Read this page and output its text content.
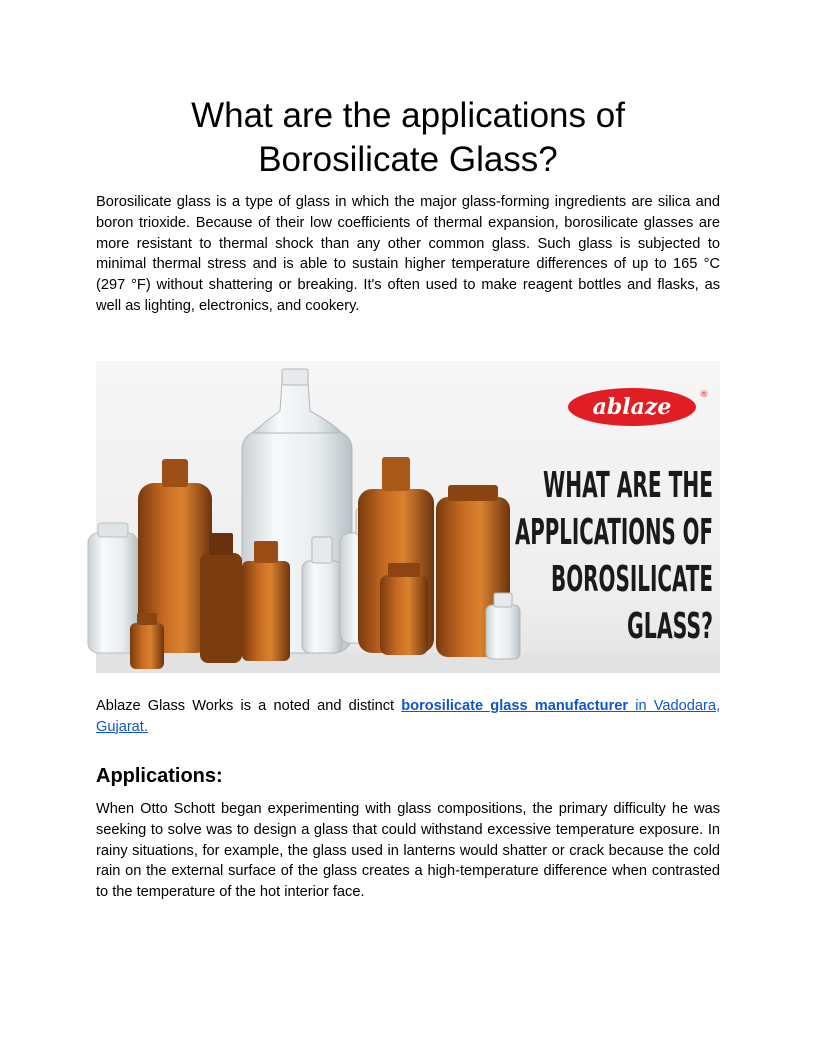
What are the applications of Borosilicate Glass?

Borosilicate glass is a type of glass in which the major glass-forming ingredients are silica and boron trioxide. Because of their low coefficients of thermal expansion, borosilicate glasses are more resistant to thermal shock than any other common glass. Such glass is subjected to minimal thermal stress and is able to sustain higher temperature differences of up to 165 °C (297 °F) without shattering or breaking. It's often used to make reagent bottles and flasks, as well as lighting, electronics, and cookery.

ablaze	®
WHAT ARE THE
APPLICATIONS OF
BOROSILICATE
GLASS?

Ablaze Glass Works is a noted and distinct borosilicate glass manufacturer in Vadodara, Gujarat.

Applications:

When Otto Schott began experimenting with glass compositions, the primary difficulty he was seeking to solve was to design a glass that could withstand excessive temperature exposure. In rainy situations, for example, the glass used in lanterns would shatter or crack because the cold rain on the external surface of the glass creates a high-temperature difference when contrasted to the temperature of the hot interior face.
